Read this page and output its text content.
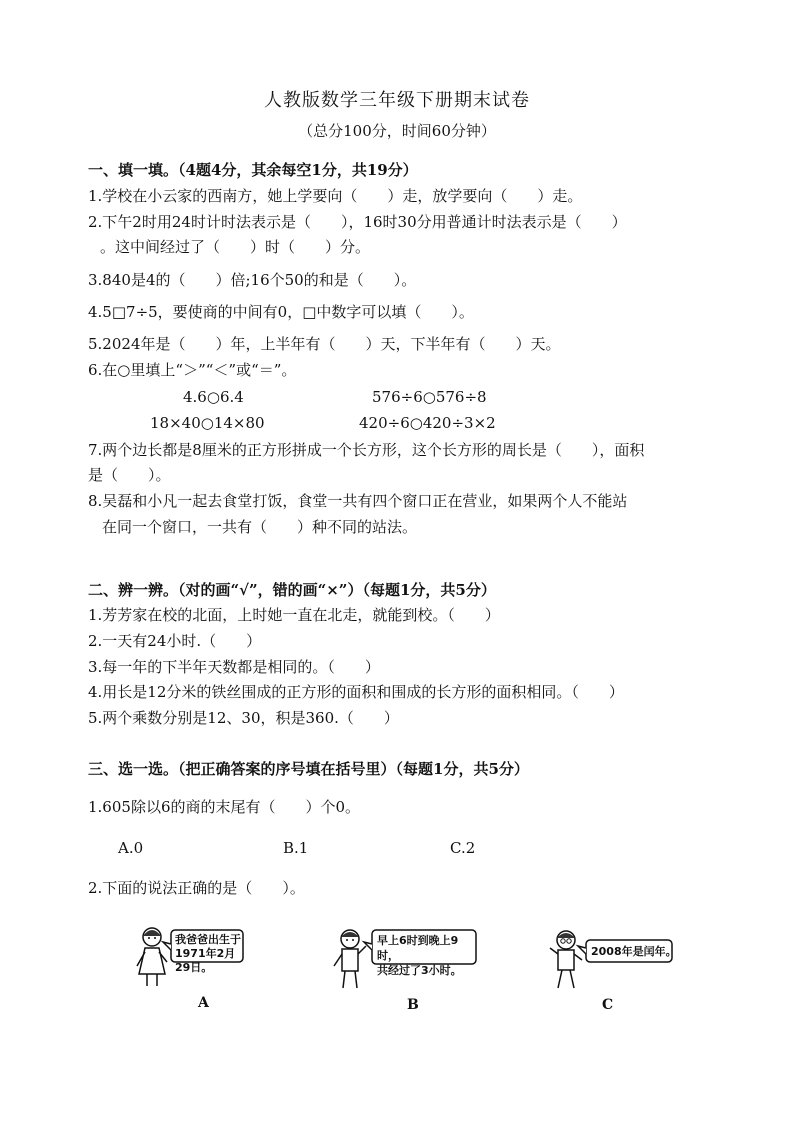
人教版数学三年级下册期末试卷
（总分100分，时间60分钟）
一、填一填。（4题4分，其余每空1分，共19分）
1.学校在小云家的西南方，她上学要向（　　）走，放学要向（　　）走。
2.下午2时用24时计时法表示是（　　），16时30分用普通计时法表示是（　　）
。这中间经过了（　　）时（　　）分。
3.840是4的（　　）倍;16个50的和是（　　）。
4.5□7÷5，要使商的中间有0，□中数字可以填（　　）。
5.2024年是（　　）年，上半年有（　　）天，下半年有（　　）天。
6.在○里填上“＞”“＜”或“＝”。
4.6○6.4	576÷6○576÷8
18×40○14×80	420÷6○420÷3×2
7.两个边长都是8厘米的正方形拼成一个长方形，这个长方形的周长是（　　），面积
是（　　）。
8.吴磊和小凡一起去食堂打饭，食堂一共有四个窗口正在营业，如果两个人不能站
在同一个窗口，一共有（　　）种不同的站法。
二、辨一辨。（对的画“√”，错的画“×”）（每题1分，共5分）
1.芳芳家在校的北面，上时她一直在北走，就能到校。（　　）
2.一天有24小时.（　　）
3.每一年的下半年天数都是相同的。（　　）
4.用长是12分米的铁丝围成的正方形的面积和围成的长方形的面积相同。（　　）
5.两个乘数分别是12、30，积是360.（　　）
三、选一选。（把正确答案的序号填在括号里）（每题1分，共5分）
1.605除以6的商的末尾有（　　）个0。
A.0	B.1	C.2
2.下面的说法正确的是（　　）。
我爸爸出生于
1971年2月29日。
A
早上6时到晚上9时，
共经过了3小时。
B
2008年是闰年。
C
